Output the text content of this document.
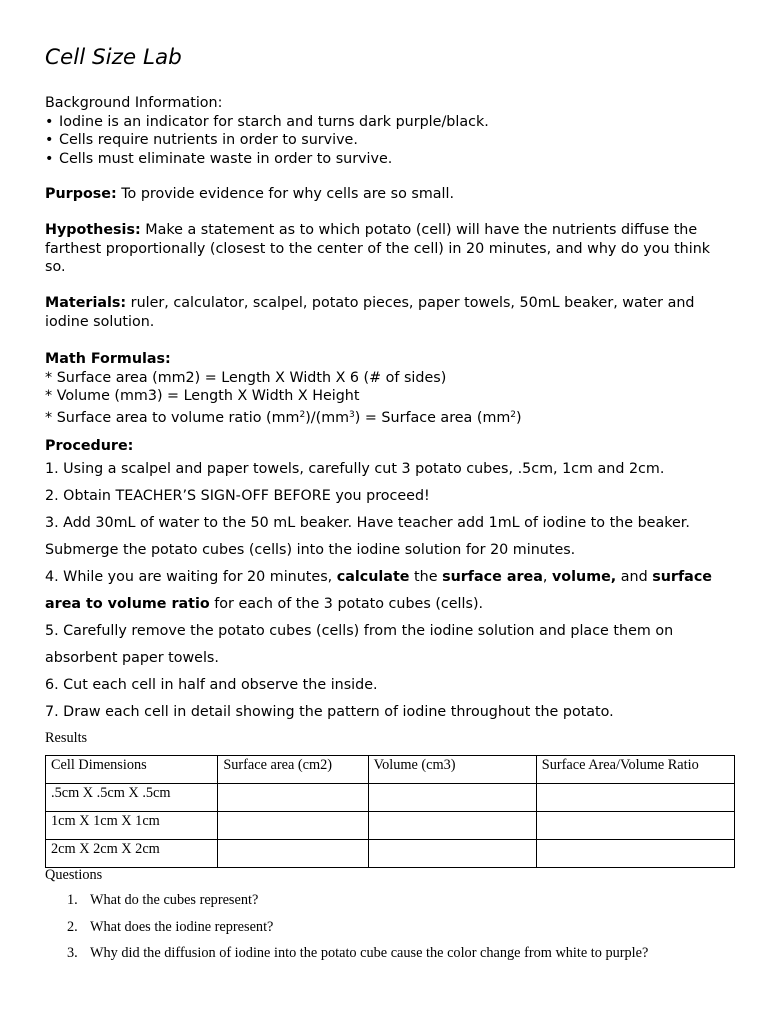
Cell Size Lab
Background Information:
• Iodine is an indicator for starch and turns dark purple/black.
• Cells require nutrients in order to survive.
• Cells must eliminate waste in order to survive.
Purpose: To provide evidence for why cells are so small.
Hypothesis: Make a statement as to which potato (cell) will have the nutrients diffuse the farthest proportionally (closest to the center of the cell) in 20 minutes, and why do you think so.
Materials: ruler, calculator, scalpel, potato pieces, paper towels, 50mL beaker, water and iodine solution.
Math Formulas:
* Surface area (mm2) = Length X Width X 6 (# of sides)
* Volume (mm3) = Length X Width X Height
* Surface area to volume ratio $(mm^2)/(mm^3)$ = Surface area $(mm^2)$
Procedure:
1. Using a scalpel and paper towels, carefully cut 3 potato cubes, .5cm, 1cm and 2cm.
2. Obtain TEACHER’S SIGN-OFF BEFORE you proceed!
3. Add 30mL of water to the 50 mL beaker. Have teacher add 1mL of iodine to the beaker. Submerge the potato cubes (cells) into the iodine solution for 20 minutes.
4. While you are waiting for 20 minutes, calculate the surface area, volume, and surface area to volume ratio for each of the 3 potato cubes (cells).
5. Carefully remove the potato cubes (cells) from the iodine solution and place them on absorbent paper towels.
6. Cut each cell in half and observe the inside.
7. Draw each cell in detail showing the pattern of iodine throughout the potato.
Results
Cell Dimensions	Surface area (cm2)	Volume (cm3)	Surface Area/Volume Ratio
.5cm X .5cm X .5cm			
1cm X 1cm X 1cm			
2cm X 2cm X 2cm			
Questions
1. What do the cubes represent?
2. What does the iodine represent?
3. Why did the diffusion of iodine into the potato cube cause the color change from white to purple?
